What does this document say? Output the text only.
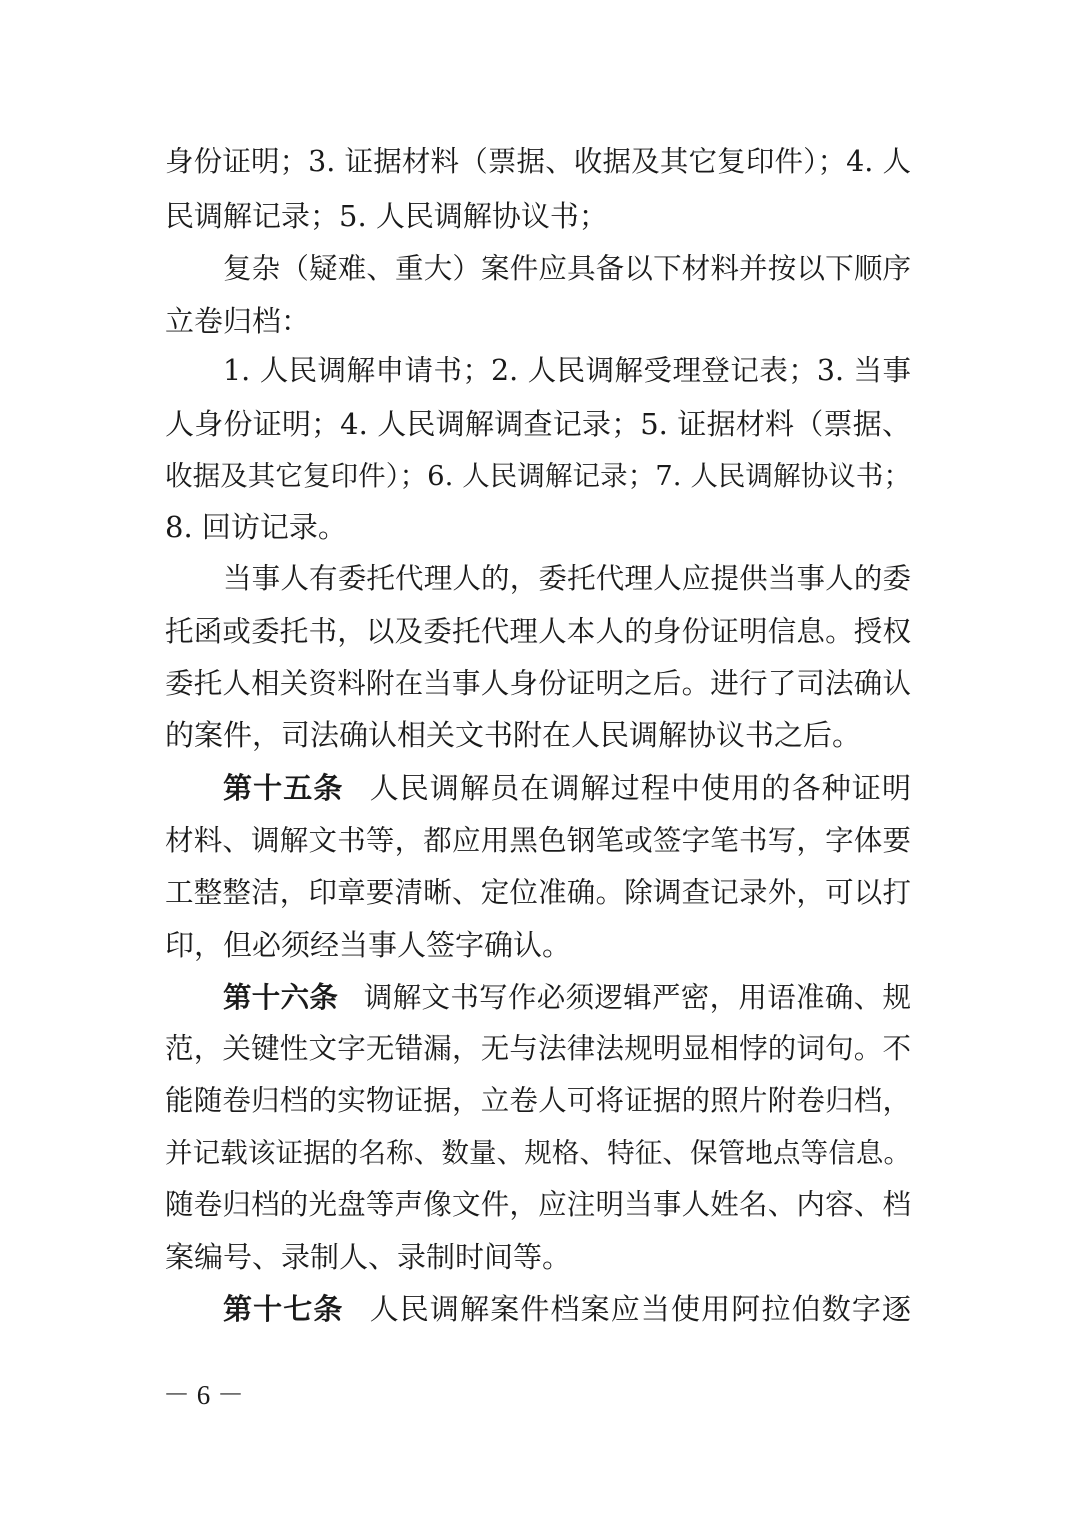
身份证明；3. 证据材料（票据、收据及其它复印件）；4. 人
民调解记录；5. 人民调解协议书；
复杂（疑难、重大）案件应具备以下材料并按以下顺序
立卷归档：
1. 人民调解申请书；2. 人民调解受理登记表；3. 当事
人身份证明；4. 人民调解调查记录；5. 证据材料（票据、
收据及其它复印件）；6. 人民调解记录；7. 人民调解协议书；
8. 回访记录。
当事人有委托代理人的，委托代理人应提供当事人的委
托函或委托书，以及委托代理人本人的身份证明信息。授权
委托人相关资料附在当事人身份证明之后。进行了司法确认
的案件，司法确认相关文书附在人民调解协议书之后。
第十五条 人民调解员在调解过程中使用的各种证明
材料、调解文书等，都应用黑色钢笔或签字笔书写，字体要
工整整洁，印章要清晰、定位准确。除调查记录外，可以打
印，但必须经当事人签字确认。
第十六条 调解文书写作必须逻辑严密，用语准确、规
范，关键性文字无错漏，无与法律法规明显相悖的词句。不
能随卷归档的实物证据，立卷人可将证据的照片附卷归档，
并记载该证据的名称、数量、规格、特征、保管地点等信息。
随卷归档的光盘等声像文件，应注明当事人姓名、内容、档
案编号、录制人、录制时间等。
第十七条 人民调解案件档案应当使用阿拉伯数字逐
－ 6 －
